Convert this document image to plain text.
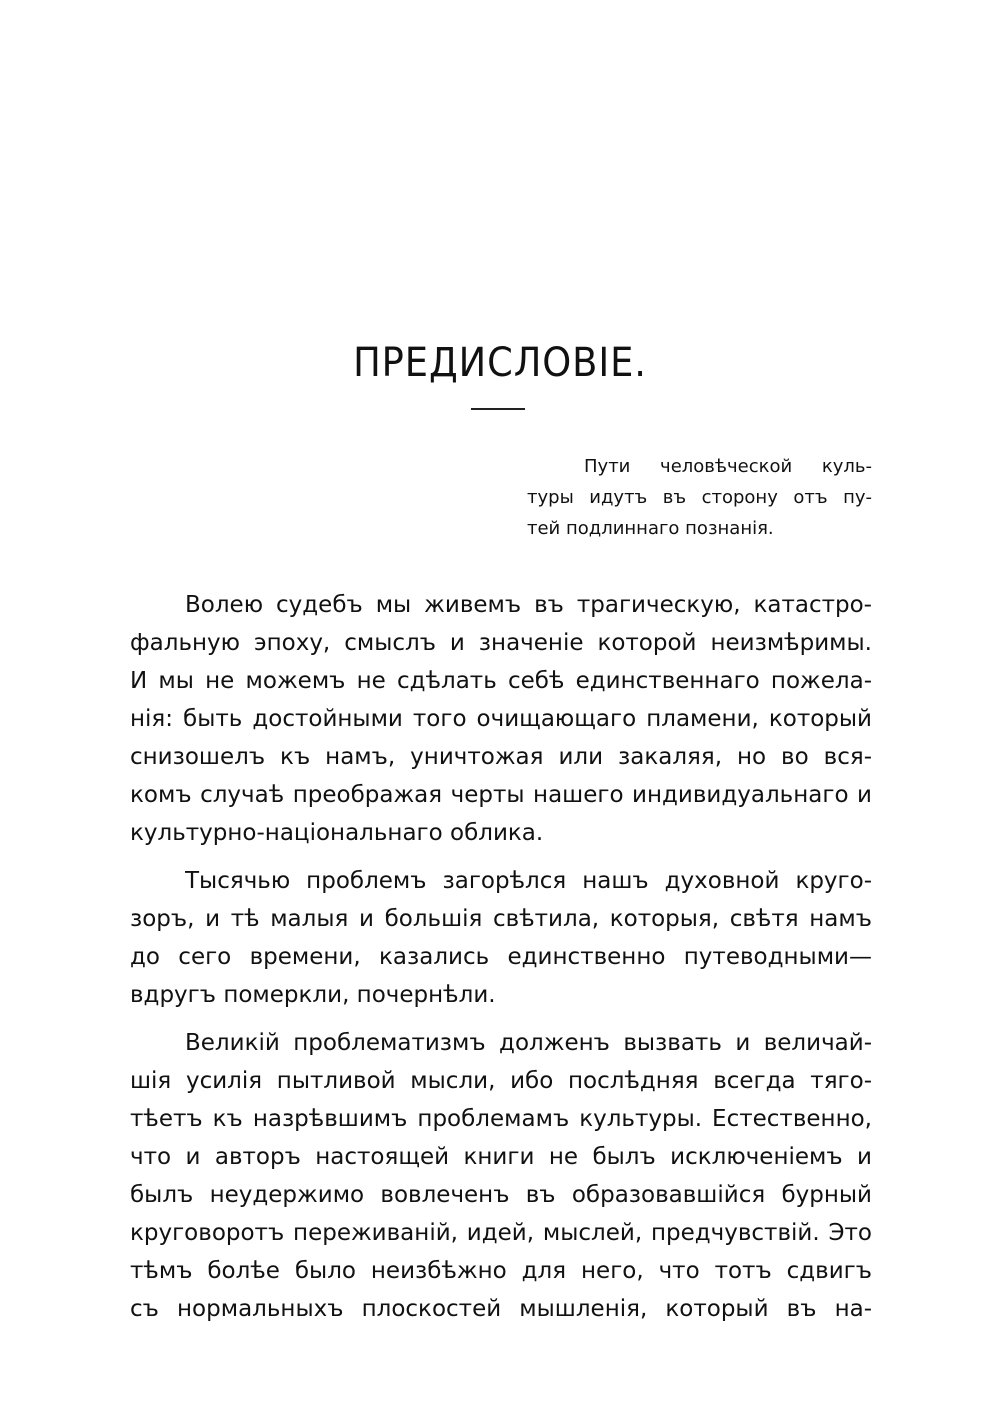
ПРЕДИСЛОВІЕ.
Пути человѣческой куль-
туры идутъ въ сторону отъ пу-
тей подлиннаго познанія.
Волею судебъ мы живемъ въ трагическую, катастро-
фальную эпоху, смыслъ и значеніе которой неизмѣримы.
И мы не можемъ не сдѣлать себѣ единственнаго пожела-
нія: быть достойными того очищающаго пламени, который
снизошелъ къ намъ, уничтожая или закаляя, но во вся-
комъ случаѣ преображая черты нашего индивидуальнаго и
культурно-національнаго облика.
Тысячью проблемъ загорѣлся нашъ духовной круго-
зоръ, и тѣ малыя и большія свѣтила, которыя, свѣтя намъ
до сего времени, казались единственно путеводными—
вдругъ померкли, почернѣли.
Великій проблематизмъ долженъ вызвать и величай-
шія усилія пытливой мысли, ибо послѣдняя всегда тяго-
тѣетъ къ назрѣвшимъ проблемамъ культуры. Естественно,
что и авторъ настоящей книги не былъ исключеніемъ и
былъ неудержимо вовлеченъ въ образовавшійся бурный
круговоротъ переживаній, идей, мыслей, предчувствій. Это
тѣмъ болѣе было неизбѣжно для него, что тотъ сдвигъ
съ нормальныхъ плоскостей мышленія, который въ на-
